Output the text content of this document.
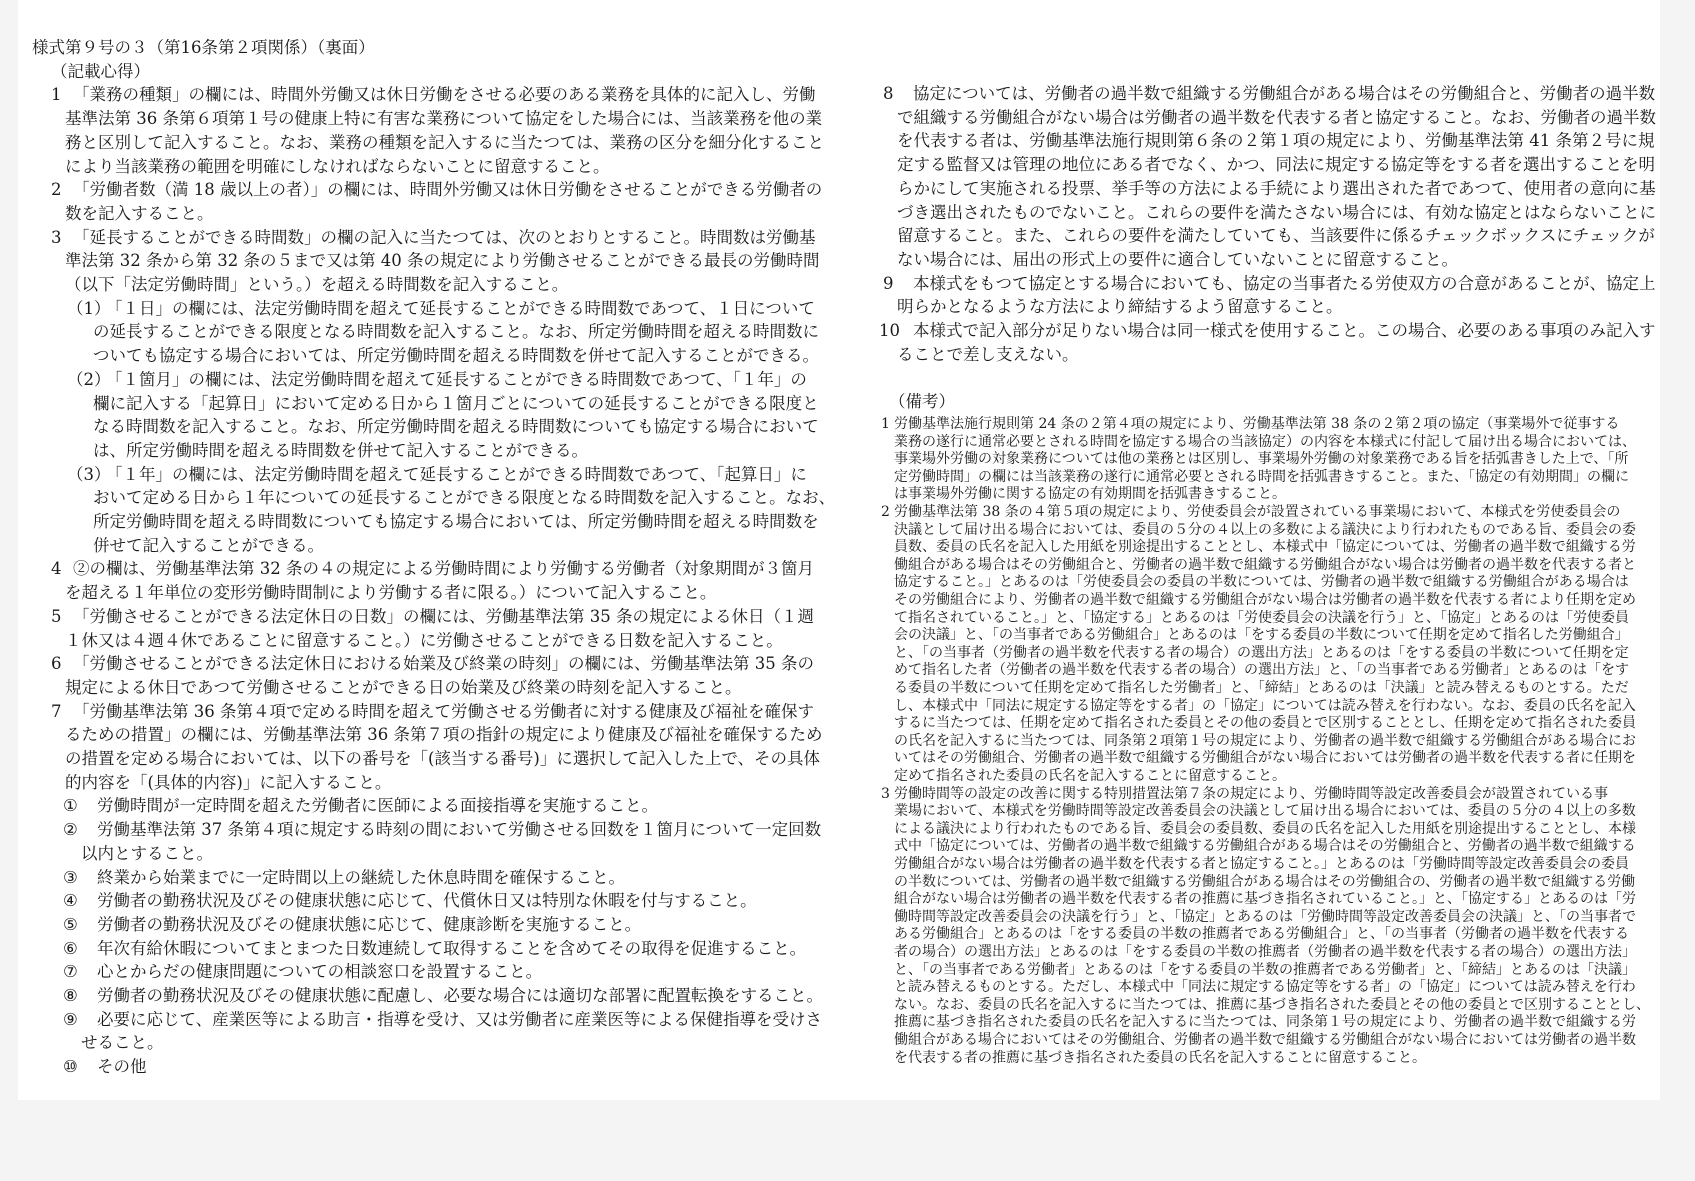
様式第９号の３（第16条第２項関係）（裏面）
（記載心得）
1 「業務の種類」の欄には、時間外労働又は休日労働をさせる必要のある業務を具体的に記入し、労働
基準法第 36 条第６項第１号の健康上特に有害な業務について協定をした場合には、当該業務を他の業
務と区別して記入すること。なお、業務の種類を記入するに当たつては、業務の区分を細分化すること
により当該業務の範囲を明確にしなければならないことに留意すること。
2 「労働者数（満 18 歳以上の者）」の欄には、時間外労働又は休日労働をさせることができる労働者の
数を記入すること。
3 「延長することができる時間数」の欄の記入に当たつては、次のとおりとすること。時間数は労働基
準法第 32 条から第 32 条の５まで又は第 40 条の規定により労働させることができる最長の労働時間
（以下「法定労働時間」という。）を超える時間数を記入すること。
（1）
「１日」の欄には、法定労働時間を超えて延長することができる時間数であつて、１日について
の延長することができる限度となる時間数を記入すること。なお、所定労働時間を超える時間数に
ついても協定する場合においては、所定労働時間を超える時間数を併せて記入することができる。
（2）
「１箇月」の欄には、法定労働時間を超えて延長することができる時間数であつて、「１年」の
欄に記入する「起算日」において定める日から１箇月ごとについての延長することができる限度と
なる時間数を記入すること。なお、所定労働時間を超える時間数についても協定する場合において
は、所定労働時間を超える時間数を併せて記入することができる。
（3）
「１年」の欄には、法定労働時間を超えて延長することができる時間数であつて、「起算日」に
おいて定める日から１年についての延長することができる限度となる時間数を記入すること。なお、
所定労働時間を超える時間数についても協定する場合においては、所定労働時間を超える時間数を
併せて記入することができる。
4 ②の欄は、労働基準法第 32 条の４の規定による労働時間により労働する労働者（対象期間が３箇月
を超える１年単位の変形労働時間制により労働する者に限る。）について記入すること。
5 「労働させることができる法定休日の日数」の欄には、労働基準法第 35 条の規定による休日（１週
１休又は４週４休であることに留意すること。）に労働させることができる日数を記入すること。
6 「労働させることができる法定休日における始業及び終業の時刻」の欄には、労働基準法第 35 条の
規定による休日であつて労働させることができる日の始業及び終業の時刻を記入すること。
7 「労働基準法第 36 条第４項で定める時間を超えて労働させる労働者に対する健康及び福祉を確保す
るための措置」の欄には、労働基準法第 36 条第７項の指針の規定により健康及び福祉を確保するため
の措置を定める場合においては、以下の番号を「(該当する番号)」に選択して記入した上で、その具体
的内容を「(具体的内容)」に記入すること。
① 労働時間が一定時間を超えた労働者に医師による面接指導を実施すること。
② 労働基準法第 37 条第４項に規定する時刻の間において労働させる回数を１箇月について一定回数
以内とすること。
③ 終業から始業までに一定時間以上の継続した休息時間を確保すること。
④ 労働者の勤務状況及びその健康状態に応じて、代償休日又は特別な休暇を付与すること。
⑤ 労働者の勤務状況及びその健康状態に応じて、健康診断を実施すること。
⑥ 年次有給休暇についてまとまつた日数連続して取得することを含めてその取得を促進すること。
⑦ 心とからだの健康問題についての相談窓口を設置すること。
⑧ 労働者の勤務状況及びその健康状態に配慮し、必要な場合には適切な部署に配置転換をすること。
⑨ 必要に応じて、産業医等による助言・指導を受け、又は労働者に産業医等による保健指導を受けさ
せること。
⑩ その他
（備考）
8 協定については、労働者の過半数で組織する労働組合がある場合はその労働組合と、労働者の過半数
で組織する労働組合がない場合は労働者の過半数を代表する者と協定すること。なお、労働者の過半数
を代表する者は、労働基準法施行規則第６条の２第１項の規定により、労働基準法第 41 条第２号に規
定する監督又は管理の地位にある者でなく、かつ、同法に規定する協定等をする者を選出することを明
らかにして実施される投票、挙手等の方法による手続により選出された者であつて、使用者の意向に基
づき選出されたものでないこと。これらの要件を満たさない場合には、有効な協定とはならないことに
留意すること。また、これらの要件を満たしていても、当該要件に係るチェックボックスにチェックが
ない場合には、届出の形式上の要件に適合していないことに留意すること。
9 本様式をもつて協定とする場合においても、協定の当事者たる労使双方の合意があることが、協定上
明らかとなるような方法により締結するよう留意すること。
10 本様式で記入部分が足りない場合は同一様式を使用すること。この場合、必要のある事項のみ記入す
ることで差し支えない。
1 労働基準法施行規則第 24 条の２第４項の規定により、労働基準法第 38 条の２第２項の協定（事業場外で従事する
業務の遂行に通常必要とされる時間を協定する場合の当該協定）の内容を本様式に付記して届け出る場合においては、
事業場外労働の対象業務については他の業務とは区別し、事業場外労働の対象業務である旨を括弧書きした上で、「所
定労働時間」の欄には当該業務の遂行に通常必要とされる時間を括弧書きすること。また、「協定の有効期間」の欄に
は事業場外労働に関する協定の有効期間を括弧書きすること。
2 労働基準法第 38 条の４第５項の規定により、労使委員会が設置されている事業場において、本様式を労使委員会の
決議として届け出る場合においては、委員の５分の４以上の多数による議決により行われたものである旨、委員会の委
員数、委員の氏名を記入した用紙を別途提出することとし、本様式中「協定については、労働者の過半数で組織する労
働組合がある場合はその労働組合と、労働者の過半数で組織する労働組合がない場合は労働者の過半数を代表する者と
協定すること。」とあるのは「労使委員会の委員の半数については、労働者の過半数で組織する労働組合がある場合は
その労働組合により、労働者の過半数で組織する労働組合がない場合は労働者の過半数を代表する者により任期を定め
て指名されていること。」と、「協定する」とあるのは「労使委員会の決議を行う」と、「協定」とあるのは「労使委員
会の決議」と、「の当事者である労働組合」とあるのは「をする委員の半数について任期を定めて指名した労働組合」
と、「の当事者（労働者の過半数を代表する者の場合）の選出方法」とあるのは「をする委員の半数について任期を定
めて指名した者（労働者の過半数を代表する者の場合）の選出方法」と、「の当事者である労働者」とあるのは「をす
る委員の半数について任期を定めて指名した労働者」と、「締結」とあるのは「決議」と読み替えるものとする。ただ
し、本様式中「同法に規定する協定等をする者」の「協定」については読み替えを行わない。なお、委員の氏名を記入
するに当たつては、任期を定めて指名された委員とその他の委員とで区別することとし、任期を定めて指名された委員
の氏名を記入するに当たつては、同条第２項第１号の規定により、労働者の過半数で組織する労働組合がある場合にお
いてはその労働組合、労働者の過半数で組織する労働組合がない場合においては労働者の過半数を代表する者に任期を
定めて指名された委員の氏名を記入することに留意すること。
3 労働時間等の設定の改善に関する特別措置法第７条の規定により、労働時間等設定改善委員会が設置されている事
業場において、本様式を労働時間等設定改善委員会の決議として届け出る場合においては、委員の５分の４以上の多数
による議決により行われたものである旨、委員会の委員数、委員の氏名を記入した用紙を別途提出することとし、本様
式中「協定については、労働者の過半数で組織する労働組合がある場合はその労働組合と、労働者の過半数で組織する
労働組合がない場合は労働者の過半数を代表する者と協定すること。」とあるのは「労働時間等設定改善委員会の委員
の半数については、労働者の過半数で組織する労働組合がある場合はその労働組合の、労働者の過半数で組織する労働
組合がない場合は労働者の過半数を代表する者の推薦に基づき指名されていること。」と、「協定する」とあるのは「労
働時間等設定改善委員会の決議を行う」と、「協定」とあるのは「労働時間等設定改善委員会の決議」と、「の当事者で
ある労働組合」とあるのは「をする委員の半数の推薦者である労働組合」と、「の当事者（労働者の過半数を代表する
者の場合）の選出方法」とあるのは「をする委員の半数の推薦者（労働者の過半数を代表する者の場合）の選出方法」
と、「の当事者である労働者」とあるのは「をする委員の半数の推薦者である労働者」と、「締結」とあるのは「決議」
と読み替えるものとする。ただし、本様式中「同法に規定する協定等をする者」の「協定」については読み替えを行わ
ない。なお、委員の氏名を記入するに当たつては、推薦に基づき指名された委員とその他の委員とで区別することとし、
推薦に基づき指名された委員の氏名を記入するに当たつては、同条第１号の規定により、労働者の過半数で組織する労
働組合がある場合においてはその労働組合、労働者の過半数で組織する労働組合がない場合においては労働者の過半数
を代表する者の推薦に基づき指名された委員の氏名を記入することに留意すること。
